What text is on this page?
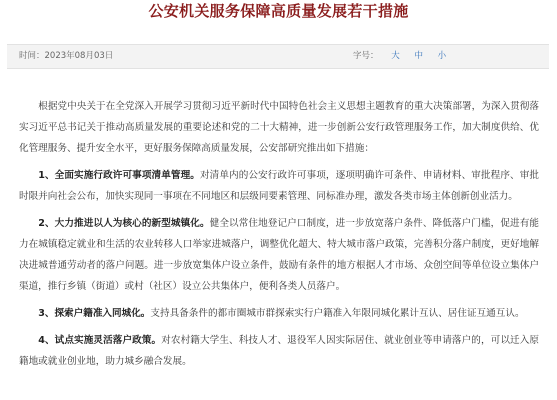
公安机关服务保障高质量发展若干措施
时间：2023年08月03日	字号： 大 中 小

根据党中央关于在全党深入开展学习贯彻习近平新时代中国特色社会主义思想主题教育的重大决策部署，为深入贯彻落实习近平总书记关于推动高质量发展的重要论述和党的二十大精神，进一步创新公安行政管理服务工作，加大制度供给、优化管理服务、提升安全水平，更好服务保障高质量发展，公安部研究推出如下措施：

1、全面实施行政许可事项清单管理。对清单内的公安行政许可事项，逐项明确许可条件、申请材料、审批程序、审批时限并向社会公布，加快实现同一事项在不同地区和层级同要素管理、同标准办理，激发各类市场主体创新创业活力。

2、大力推进以人为核心的新型城镇化。健全以常住地登记户口制度，进一步放宽落户条件、降低落户门槛，促进有能力在城镇稳定就业和生活的农业转移人口举家进城落户，调整优化超大、特大城市落户政策，完善积分落户制度，更好地解决进城普通劳动者的落户问题。进一步放宽集体户设立条件，鼓励有条件的地方根据人才市场、众创空间等单位设立集体户渠道，推行乡镇（街道）或村（社区）设立公共集体户，便利各类人员落户。

3、探索户籍准入同城化。支持具备条件的都市圈城市群探索实行户籍准入年限同城化累计互认、居住证互通互认。

4、试点实施灵活落户政策。对农村籍大学生、科技人才、退役军人因实际居住、就业创业等申请落户的，可以迁入原籍地或就业创业地，助力城乡融合发展。
